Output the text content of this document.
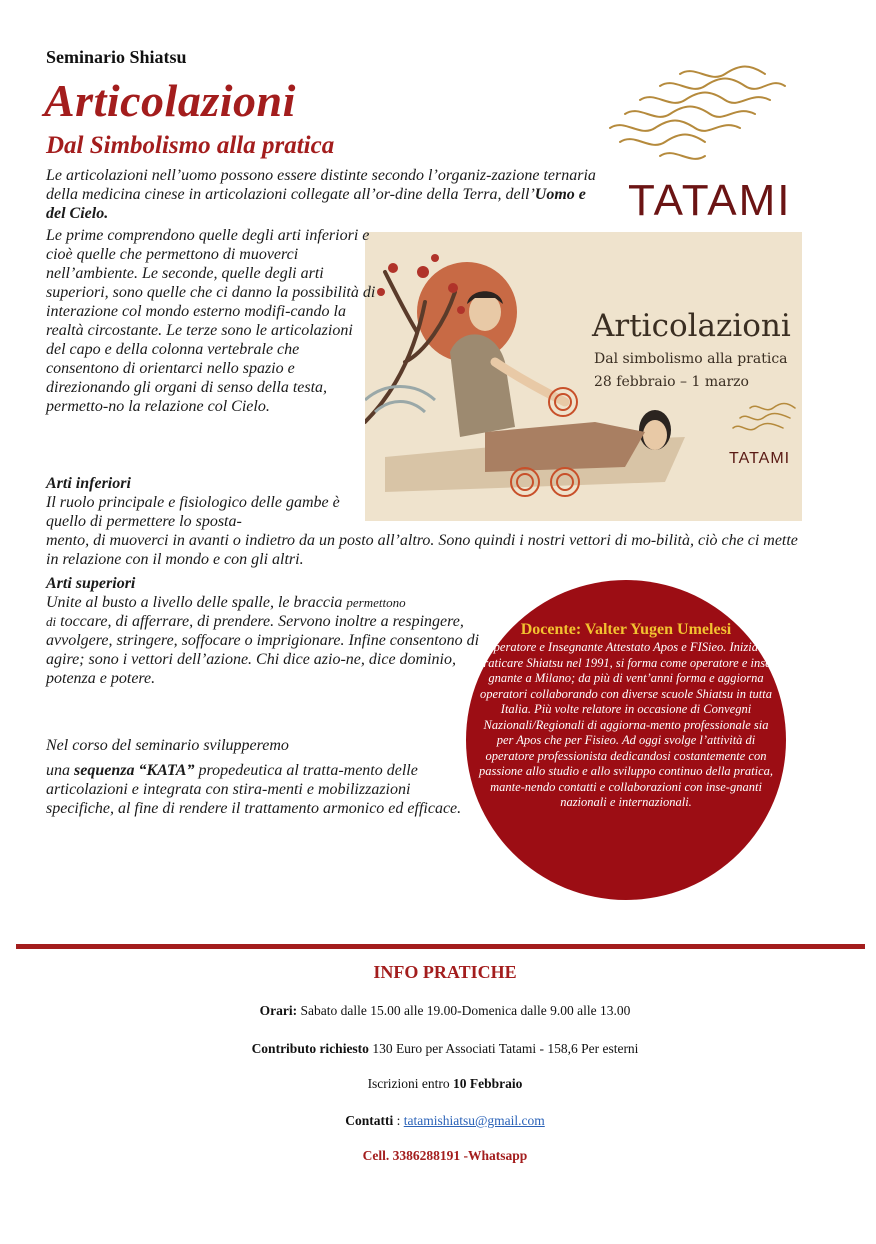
Seminario Shiatsu
Articolazioni
Dal Simbolismo alla pratica
TATAMI
Articolazioni
Dal simbolismo alla pratica
28 febbraio – 1 marzo
TATAMI
Le articolazioni nell’uomo possono essere distinte secondo l’organiz-zazione ternaria della medicina cinese in articolazioni collegate all’or-dine della Terra, dell’Uomo e del Cielo.
Le prime comprendono quelle degli arti inferiori e cioè quelle che permettono di muoverci nell’ambiente. Le seconde, quelle degli arti superiori, sono quelle che ci danno la possibilità di interazione col mondo esterno modifi-cando la realtà circostante. Le terze sono le articolazioni del capo e della colonna vertebrale che consentono di orientarci nello spazio e direzionando gli organi di senso della testa, permetto-no la relazione col Cielo.
Arti inferiori
Il ruolo principale e fisiologico delle gambe è quello di permettere lo sposta-
mento, di muoverci in avanti o indietro da un posto all’altro. Sono quindi i nostri vettori di mo-bilità, ciò che ci mette in relazione con il mondo e con gli altri.
Arti superiori
Unite al busto a livello delle spalle, le braccia permettono
di toccare, di afferrare, di prendere. Servono inoltre a respingere, avvolgere, stringere, soffocare o imprigionare. Infine consentono di agire; sono i vettori dell’azione. Chi dice azio-ne, dice dominio, potenza e potere.
Nel corso del seminario svilupperemo
una sequenza “KATA” propedeutica al tratta-mento delle articolazioni e integrata con stira-menti e mobilizzazioni specifiche, al fine di rendere il trattamento armonico ed efficace.
Docente: Valter Yugen Umelesi
Operatore e Insegnante Attestato Apos e FISieo. Inizia a praticare Shiatsu nel 1991, si forma come operatore e inse-gnante a Milano; da più di vent’anni forma e aggiorna operatori collaborando con diverse scuole Shiatsu in tutta Italia. Più volte relatore in occasione di Convegni Nazionali/Regionali di aggiorna-mento professionale sia per Apos che per Fisieo. Ad oggi svolge l’attività di operatore professionista dedicandosi costantemente con passione allo studio e allo sviluppo continuo della pratica, mante-nendo contatti e collaborazioni con inse-gnanti nazionali e internazionali.
INFO PRATICHE
Orari: Sabato dalle 15.00 alle 19.00-Domenica dalle 9.00 alle 13.00
Contributo richiesto 130 Euro per Associati Tatami - 158,6 Per esterni
Iscrizioni entro 10 Febbraio
Contatti : tatamishiatsu@gmail.com
Cell. 3386288191 -Whatsapp
